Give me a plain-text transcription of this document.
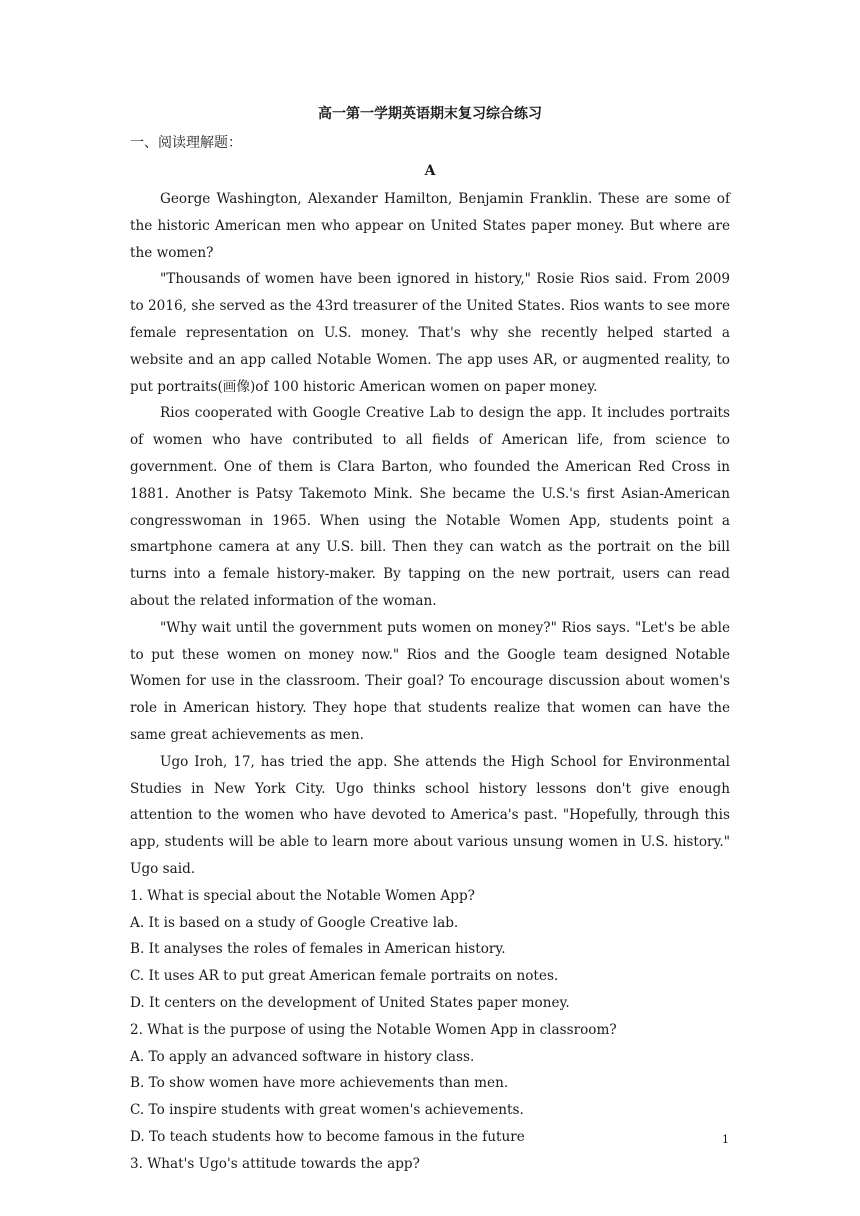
高一第一学期英语期末复习综合练习
一、阅读理解题：
A

George Washington, Alexander Hamilton, Benjamin Franklin. These are some of the historic American men who appear on United States paper money. But where are the women?

"Thousands of women have been ignored in history," Rosie Rios said. From 2009 to 2016, she served as the 43rd treasurer of the United States. Rios wants to see more female representation on U.S. money. That's why she recently helped started a website and an app called Notable Women. The app uses AR, or augmented reality, to put portraits(画像)of 100 historic American women on paper money.

Rios cooperated with Google Creative Lab to design the app. It includes portraits of women who have contributed to all fields of American life, from science to government. One of them is Clara Barton, who founded the American Red Cross in 1881. Another is Patsy Takemoto Mink. She became the U.S.'s first Asian-American congresswoman in 1965. When using the Notable Women App, students point a smartphone camera at any U.S. bill. Then they can watch as the portrait on the bill turns into a female history-maker. By tapping on the new portrait, users can read about the related information of the woman.

"Why wait until the government puts women on money?" Rios says. "Let's be able to put these women on money now." Rios and the Google team designed Notable Women for use in the classroom. Their goal? To encourage discussion about women's role in American history. They hope that students realize that women can have the same great achievements as men.

Ugo Iroh, 17, has tried the app. She attends the High School for Environmental Studies in New York City. Ugo thinks school history lessons don't give enough attention to the women who have devoted to America's past. "Hopefully, through this app, students will be able to learn more about various unsung women in U.S. history." Ugo said.

1. What is special about the Notable Women App?

A. It is based on a study of Google Creative lab.

B. It analyses the roles of females in American history.

C. It uses AR to put great American female portraits on notes.

D. It centers on the development of United States paper money.

2. What is the purpose of using the Notable Women App in classroom?

A. To apply an advanced software in history class.

B. To show women have more achievements than men.

C. To inspire students with great women's achievements.

D. To teach students how to become famous in the future

3. What's Ugo's attitude towards the app?

1
